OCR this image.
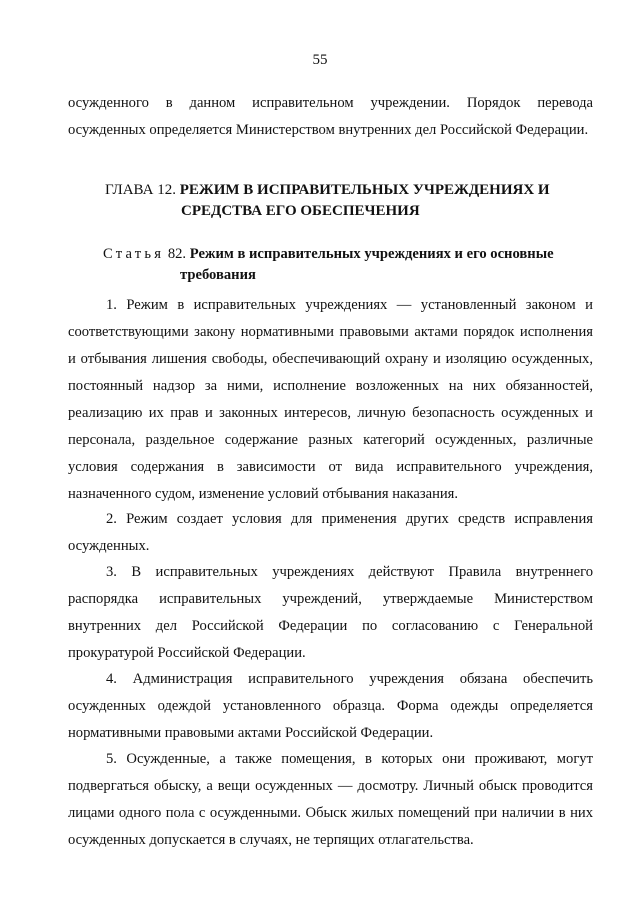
55
осужденного в данном исправительном учреждении. Порядок перевода осужденных определяется Министерством внутренних дел Российской Федерации.
ГЛАВА 12. РЕЖИМ В ИСПРАВИТЕЛЬНЫХ УЧРЕЖДЕНИЯХ И
СРЕДСТВА ЕГО ОБЕСПЕЧЕНИЯ
Статья 82. Режим в исправительных учреждениях и его основные
требования

1. Режим в исправительных учреждениях — установленный законом и соответствующими закону нормативными правовыми актами порядок исполнения и отбывания лишения свободы, обеспечивающий охрану и изоляцию осужденных, постоянный надзор за ними, исполнение возложенных на них обязанностей, реализацию их прав и законных интересов, личную безопасность осужденных и персонала, раздельное содержание разных категорий осужденных, различные условия содержания в зависимости от вида исправительного учреждения, назначенного судом, изменение условий отбывания наказания.

2. Режим создает условия для применения других средств исправления осужденных.

3. В исправительных учреждениях действуют Правила внутреннего распорядка исправительных учреждений, утверждаемые Министерством внутренних дел Российской Федерации по согласованию с Генеральной прокуратурой Российской Федерации.

4. Администрация исправительного учреждения обязана обеспечить осужденных одеждой установленного образца. Форма одежды определяется нормативными правовыми актами Российской Федерации.

5. Осужденные, а также помещения, в которых они проживают, могут подвергаться обыску, а вещи осужденных — досмотру. Личный обыск проводится лицами одного пола с осужденными. Обыск жилых помещений при наличии в них осужденных допускается в случаях, не терпящих отлагательства.
